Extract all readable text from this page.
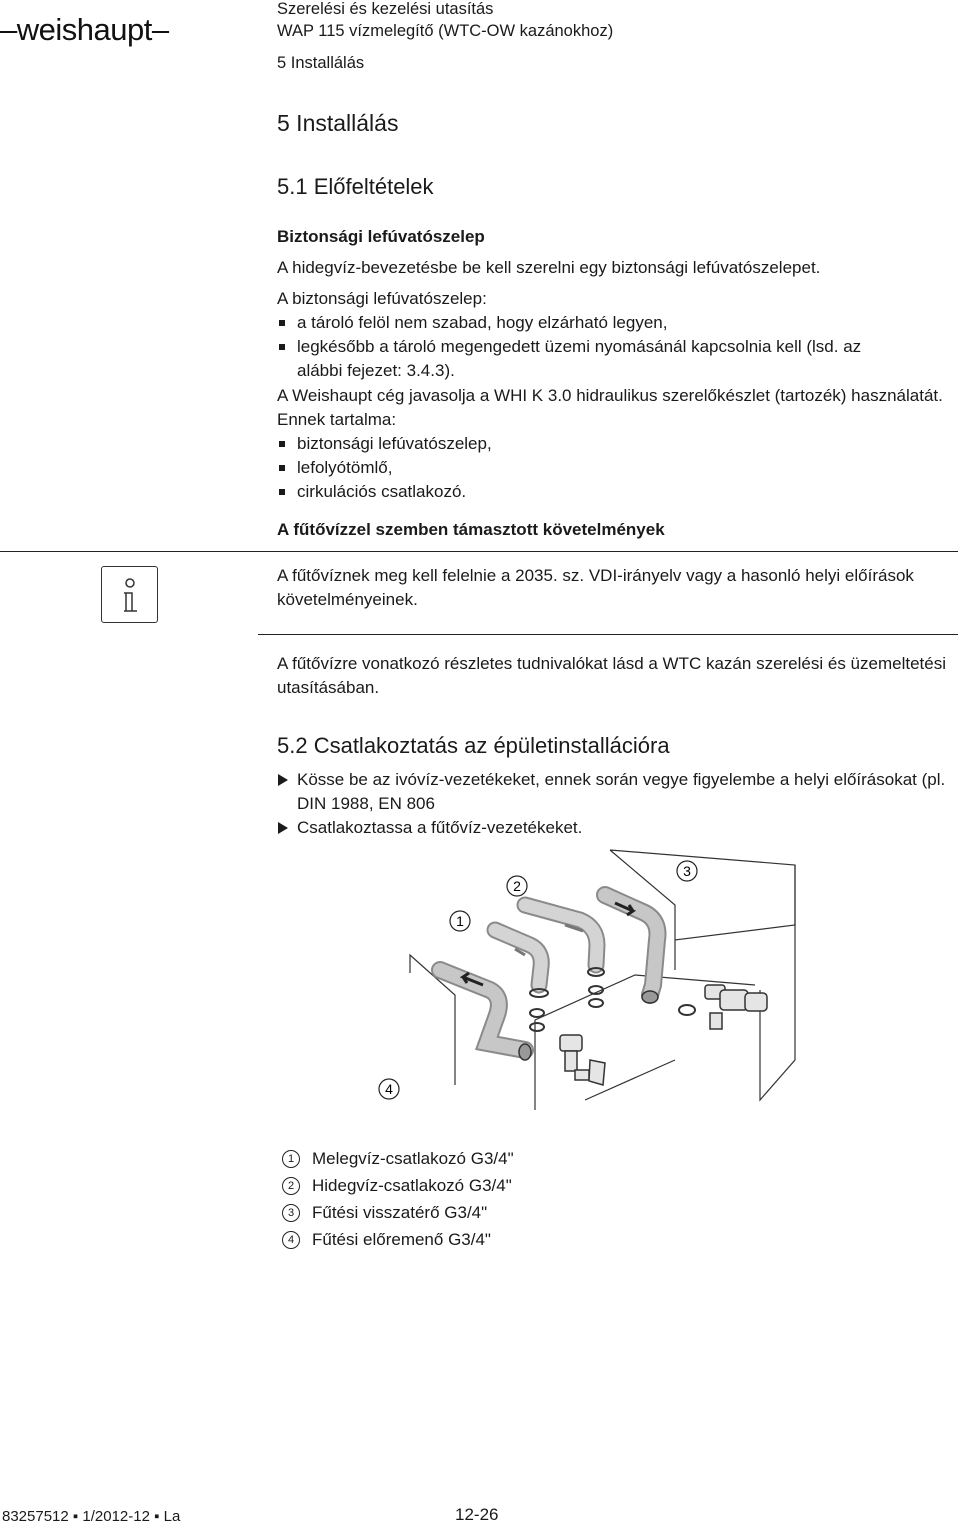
–weishaupt–
Szerelési és kezelési utasítás
WAP 115 vízmelegítő (WTC-OW kazánokhoz)
5 Installálás
5 Installálás
5.1 Előfeltételek
Biztonsági lefúvatószelep
A hidegvíz-bevezetésbe be kell szerelni egy biztonsági lefúvatószelepet.
A biztonsági lefúvatószelep:
a tároló felöl nem szabad, hogy elzárható legyen,
legkésőbb a tároló megengedett üzemi nyomásánál kapcsolnia kell (lsd. az alábbi fejezet: 3.4.3).
A Weishaupt cég javasolja a WHI K 3.0 hidraulikus szerelőkészlet (tartozék) használatát. Ennek tartalma:
biztonsági lefúvatószelep,
lefolyótömlő,
cirkulációs csatlakozó.
A fűtővízzel szemben támasztott követelmények
A fűtővíznek meg kell felelnie a 2035. sz. VDI-irányelv vagy a hasonló helyi előírások követelményeinek.
A fűtővízre vonatkozó részletes tudnivalókat lásd a WTC kazán szerelési és üzemeltetési utasításában.
5.2 Csatlakoztatás az épületinstallációra
Kösse be az ivóvíz-vezetékeket, ennek során vegye figyelembe a helyi előírásokat (pl. DIN 1988, EN 806
Csatlakoztassa a fűtővíz-vezetékeket.
1
2
3
4
1	Melegvíz-csatlakozó G3/4"
2	Hidegvíz-csatlakozó G3/4"
3	Fűtési visszatérő G3/4"
4	Fűtési előremenő G3/4"
83257512 ▪ 1/2012-12 ▪ La	12-26
